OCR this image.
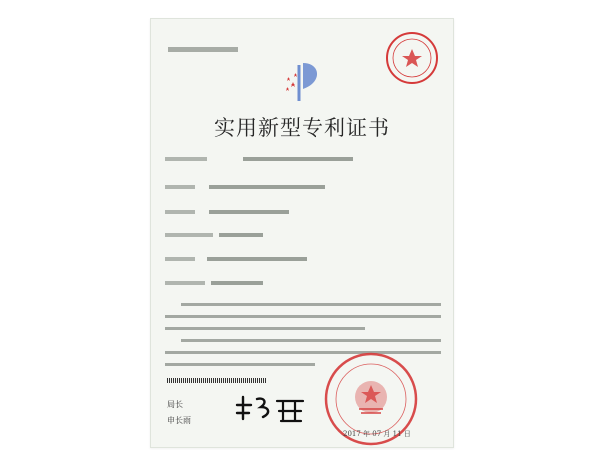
实用新型专利证书
局长
申长雨
2017 年 07 月 11 日
